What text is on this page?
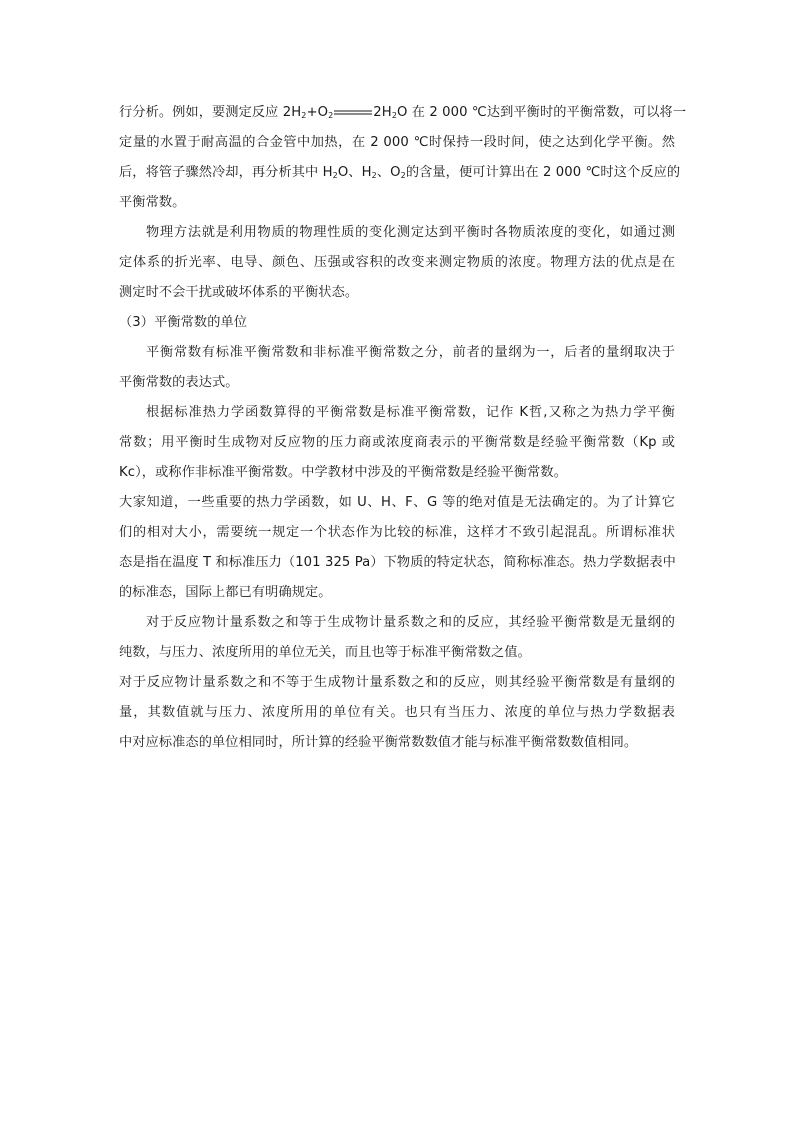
行分析。例如，要测定反应 $2H_2+O_2$	$2H_2O$ 在 2 000 ℃达到平衡时的平衡常数，可以将一
定量的水置于耐高温的合金管中加热，在 2 000 ℃时保持一段时间，使之达到化学平衡。然
后，将管子骤然冷却，再分析其中 $H_2O$、$H_2$、$O_2$的含量，便可计算出在 2 000 ℃时这个反应的
平衡常数。
物理方法就是利用物质的物理性质的变化测定达到平衡时各物质浓度的变化，如通过测
定体系的折光率、电导、颜色、压强或容积的改变来测定物质的浓度。物理方法的优点是在
测定时不会干扰或破坏体系的平衡状态。
（3）平衡常数的单位
平衡常数有标准平衡常数和非标准平衡常数之分，前者的量纲为一，后者的量纲取决于
平衡常数的表达式。
根据标准热力学函数算得的平衡常数是标准平衡常数，记作 K哲,又称之为热力学平衡
常数；用平衡时生成物对反应物的压力商或浓度商表示的平衡常数是经验平衡常数（Kp 或
Kc），或称作非标准平衡常数。中学教材中涉及的平衡常数是经验平衡常数。
大家知道，一些重要的热力学函数，如 U、H、F、G 等的绝对值是无法确定的。为了计算它
们的相对大小，需要统一规定一个状态作为比较的标准，这样才不致引起混乱。所谓标准状
态是指在温度 T 和标准压力（101 325 Pa）下物质的特定状态，简称标准态。热力学数据表中
的标准态，国际上都已有明确规定。
对于反应物计量系数之和等于生成物计量系数之和的反应，其经验平衡常数是无量纲的
纯数，与压力、浓度所用的单位无关，而且也等于标准平衡常数之值。
对于反应物计量系数之和不等于生成物计量系数之和的反应，则其经验平衡常数是有量纲的
量，其数值就与压力、浓度所用的单位有关。也只有当压力、浓度的单位与热力学数据表
中对应标准态的单位相同时，所计算的经验平衡常数数值才能与标准平衡常数数值相同。
